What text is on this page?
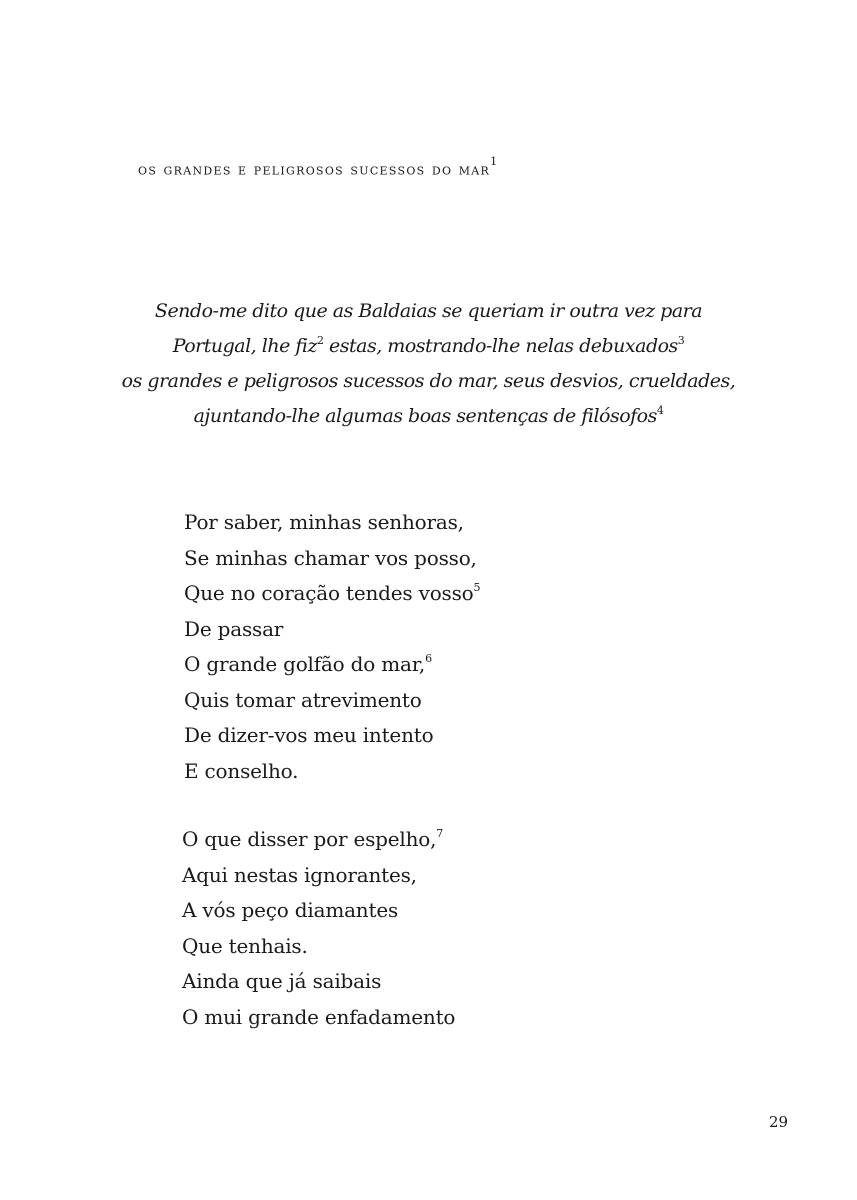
os grandes e peligrosos sucessos do mar$^1$
Sendo-me dito que as Baldaias se queriam ir outra vez para
Portugal, lhe fiz$^2$ estas, mostrando-lhe nelas debuxados$^3$
os grandes e peligrosos sucessos do mar, seus desvios, crueldades,
ajuntando-lhe algumas boas sentenças de filósofos$^4$
Por saber, minhas senhoras,
Se minhas chamar vos posso,
Que no coração tendes vosso$^5$
De passar
O grande golfão do mar,$^6$
Quis tomar atrevimento
De dizer-vos meu intento
E conselho.
O que disser por espelho,$^7$
Aqui nestas ignorantes,
A vós peço diamantes
Que tenhais.
Ainda que já saibais
O mui grande enfadamento
29
